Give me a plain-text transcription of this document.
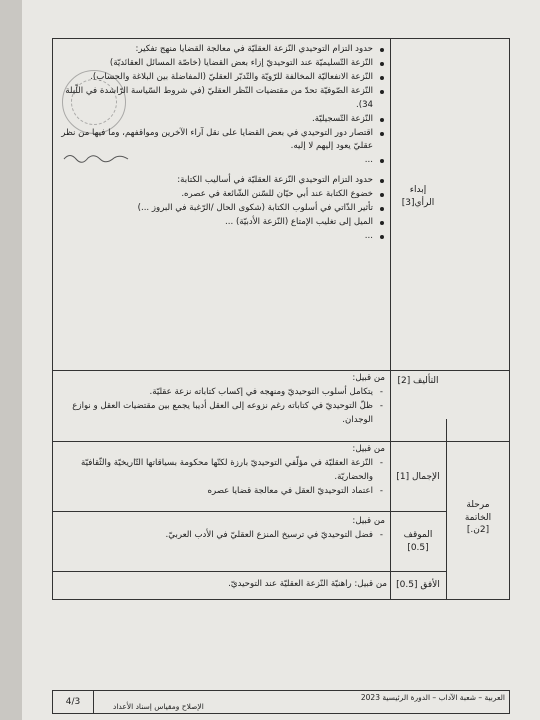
إبداء
الرأي[3]
حدود التزام التوحيدي النّزعة العقليّة في معالجة القضايا منهج تفكير:
النّزعة التّسليميّة عند التوحيديّ إزاء بعض القضايا (خاصّة المسائل العقائديّة)
النّزعة الانفعاليّة المخالفة للرّويّة والتّدبّر العقليّ (المفاضلة بين البلاغة والحساب).
النّزعة الصّوفيّة تحدّ من مقتضيات النّظر العقليّ (في شروط السّياسة الرّاشدة في اللّيلة 34).
النّزعة التّسجيليّة.
اقتصار دور التوحيدي في بعض القضايا على نقل آراء الآخرين ومواقفهم، وما فيها من نظر عقليّ يعود إليهم لا إليه.
...
حدود التزام التوحيدي النّزعة العقليّة في أساليب الكتابة:
خضوع الكتابة عند أبي حيّان للسّنن الشّائعة في عصره.
تأثير الذّاتي في أسلوب الكتابة (شكوى الحال /الرّغبة في البروز ...)
الميل إلى تغليب الإمتاع (النّزعة الأدبيّة) ...
...
التأليف [2]
من قبيل:
- يتكامل أسلوب التوحيديّ ومنهجه في إكساب كتاباته نزعة عقليّة.
- ظلّ التوحيديّ في كتاباته رغم نزوعه إلى العقل أديبا يجمع بين مقتضيات العقل و نوازع الوجدان.
مرحلة
الخاتمة
[2ن.]
الإجمال [1]
من قبيل:
- النّزعة العقليّة في مؤلّفي التوحيديّ بارزة لكنّها محكومة بسياقاتها التّاريخيّة والثّقافيّة والحضاريّة.
- اعتماد التوحيديّ العقل في معالجة قضايا عصره
الموقف
[0.5]
من قبيل:
- فضل التوحيديّ في ترسيخ المنزع العقليّ في الأدب العربيّ.
الأفق [0.5]
من قبيل: راهنيّة النّزعة العقليّة عند التوحيديّ.
4/3	العربية – شعبة الآداب – الدورة الرئيسية 2023
الإصلاح ومقياس إسناد الأعداد
